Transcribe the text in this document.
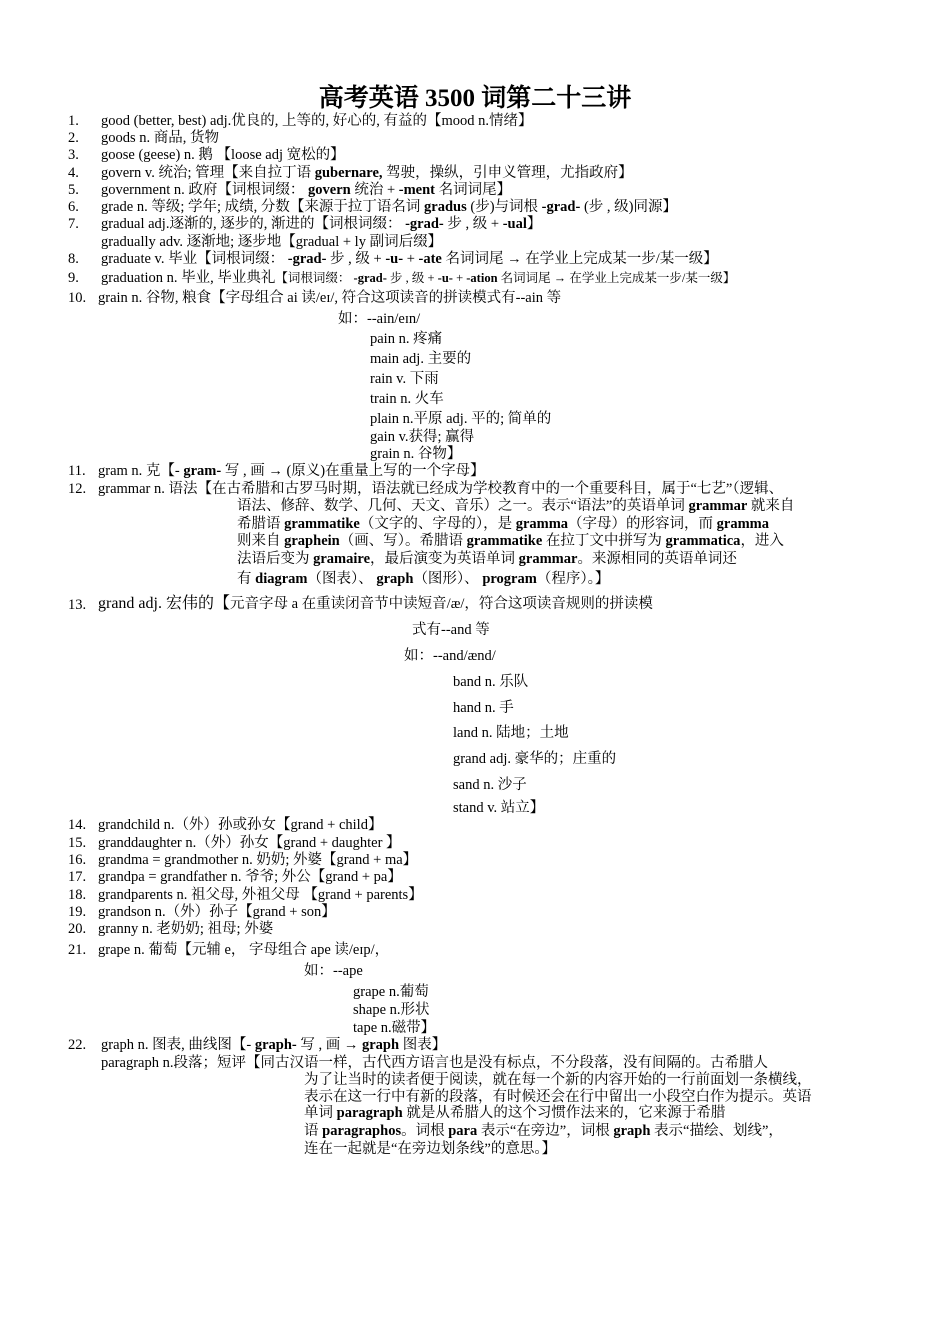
高考英语 3500 词第二十三讲
1. good (better, best) adj.优良的, 上等的, 好心的, 有益的【mood n.情绪】
2. goods n. 商品, 货物
3. goose (geese) n. 鹅 【loose adj 宽松的】
4. govern v. 统治; 管理【来自拉丁语 gubernare, 驾驶，操纵，引申义管理，尤指政府】
5. government n. 政府【词根词缀： govern 统治 + -ment 名词词尾】
6. grade n. 等级; 学年; 成绩, 分数【来源于拉丁语名词 gradus (步)与词根 -grad- (步 , 级)同源】
7. gradual adj.逐渐的, 逐步的, 渐进的【词根词缀： -grad- 步 , 级 + -ual】
gradually adv. 逐渐地; 逐步地【gradual + ly 副词后缀】
8. graduate v. 毕业【词根词缀： -grad- 步 , 级 + -u- + -ate 名词词尾 → 在学业上完成某一步/某一级】
9. graduation n. 毕业, 毕业典礼【词根词缀： -grad- 步 , 级 + -u- + -ation 名词词尾 → 在学业上完成某一步/某一级】
10. grain n. 谷物, 粮食【字母组合 ai 读/eɪ/, 符合这项读音的拼读模式有--ain 等
如：--ain/eɪn/
pain n. 疼痛
main adj. 主要的
rain v. 下雨
train n. 火车
plain n.平原 adj. 平的; 简单的
gain v.获得; 赢得
grain n. 谷物】
11. gram n. 克【- gram- 写 , 画 → (原义)在重量上写的一个字母】
12. grammar n. 语法【在古希腊和古罗马时期，语法就已经成为学校教育中的一个重要科目，属于“七艺”（逻辑、
语法、修辞、数学、几何、天文、音乐）之一。表示“语法”的英语单词 grammar 就来自
希腊语 grammatike（文字的、字母的），是 gramma（字母）的形容词，而 gramma
则来自 graphein（画、写）。希腊语 grammatike 在拉丁文中拼写为 grammatica，进入
法语后变为 gramaire，最后演变为英语单词 grammar。来源相同的英语单词还
有 diagram（图表）、 graph（图形）、 program（程序）。】
13. grand adj. 宏伟的【元音字母 a 在重读闭音节中读短音/æ/，符合这项读音规则的拼读模
式有--and 等
如：--and/ænd/
band n. 乐队
hand n. 手
land n. 陆地；土地
grand adj. 豪华的；庄重的
sand n. 沙子
stand v. 站立】
14. grandchild n.（外）孙或孙女【grand + child】
15. granddaughter n.（外）孙女【grand + daughter 】
16. grandma = grandmother n. 奶奶; 外婆【grand + ma】
17. grandpa = grandfather n. 爷爷; 外公【grand + pa】
18. grandparents n. 祖父母, 外祖父母 【grand + parents】
19. grandson n.（外）孙子【grand + son】
20. granny n. 老奶奶; 祖母; 外婆
21. grape n. 葡萄【元辅 e， 字母组合 ape 读/eɪp/，
如：--ape
grape n.葡萄
shape n.形状
tape n.磁带】
22. graph n. 图表, 曲线图【- graph- 写 , 画 → graph 图表】
paragraph n.段落；短评【同古汉语一样，古代西方语言也是没有标点，不分段落，没有间隔的。古希腊人
为了让当时的读者便于阅读，就在每一个新的内容开始的一行前面划一条横线，
表示在这一行中有新的段落，有时候还会在行中留出一小段空白作为提示。英语
单词 paragraph 就是从希腊人的这个习惯作法来的，它来源于希腊
语 paragraphos。词根 para 表示“在旁边”，词根 graph 表示“描绘、划线”，
连在一起就是“在旁边划条线”的意思。】
